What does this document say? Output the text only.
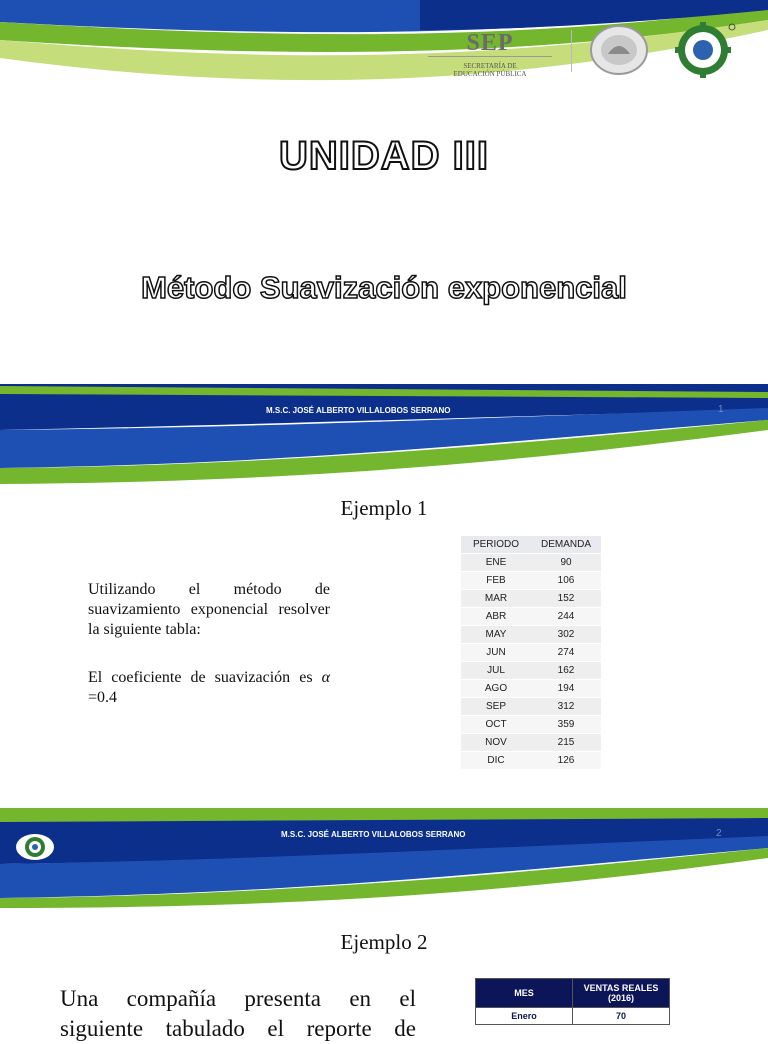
SEP
SECRETARÍA DE
EDUCACIÓN PÚBLICA
UNIDAD III
Método Suavización exponencial
M.S.C. JOSÉ ALBERTO VILLALOBOS SERRANO	1
Ejemplo 1

Utilizando el método de suavizamiento exponencial resolver la siguiente tabla:

El coeficiente de suavización es α =0.4

PERIODO	DEMANDA
ENE	90
FEB	106
MAR	152
ABR	244
MAY	302
JUN	274
JUL	162
AGO	194
SEP	312
OCT	359
NOV	215
DIC	126
M.S.C. JOSÉ ALBERTO VILLALOBOS SERRANO	2
Ejemplo 2

Una compañía presenta en el

siguiente tabulado el reporte de

MES	VENTAS REALES (2016)
Enero	70
